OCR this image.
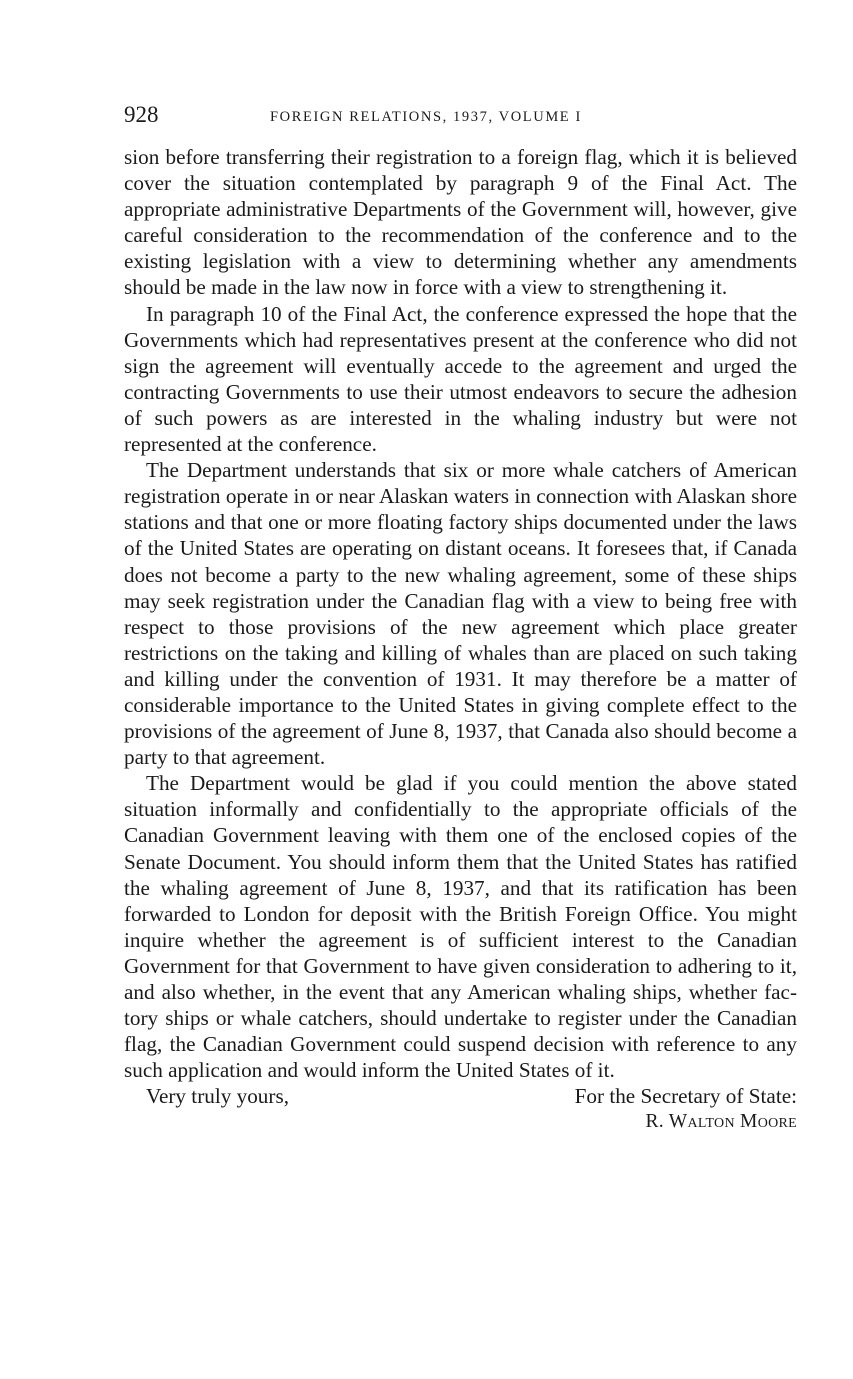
928	FOREIGN RELATIONS, 1937, VOLUME I

sion before transferring their registration to a foreign flag, which it is believed cover the situation contemplated by paragraph 9 of the Final Act. The appropriate administrative Departments of the Government will, however, give careful consideration to the recommendation of the conference and to the existing legislation with a view to determining whether any amendments should be made in the law now in force with a view to strengthening it.

In paragraph 10 of the Final Act, the conference expressed the hope that the Governments which had representatives present at the conference who did not sign the agreement will eventually accede to the agreement and urged the contracting Governments to use their utmost endeavors to secure the adhesion of such powers as are interested in the whaling industry but were not represented at the conference.

The Department understands that six or more whale catchers of American registration operate in or near Alaskan waters in connection with Alaskan shore stations and that one or more floating factory ships documented under the laws of the United States are operating on distant oceans. It foresees that, if Canada does not become a party to the new whaling agreement, some of these ships may seek registration under the Canadian flag with a view to being free with respect to those provisions of the new agreement which place greater restrictions on the taking and killing of whales than are placed on such taking and killing under the convention of 1931. It may therefore be a matter of considerable importance to the United States in giving complete effect to the provisions of the agreement of June 8, 1937, that Canada also should become a party to that agreement.

The Department would be glad if you could mention the above stated situation informally and confidentially to the appropriate officials of the Canadian Government leaving with them one of the enclosed copies of the Senate Document. You should inform them that the United States has ratified the whaling agreement of June 8, 1937, and that its ratification has been forwarded to London for deposit with the British Foreign Office. You might inquire whether the agreement is of sufficient interest to the Canadian Government for that Government to have given consideration to adhering to it, and also whether, in the event that any American whaling ships, whether factory ships or whale catchers, should undertake to register under the Canadian flag, the Canadian Government could suspend decision with reference to any such application and would inform the United States of it.

Very truly yours,	For the Secretary of State:
R. Walton Moore
